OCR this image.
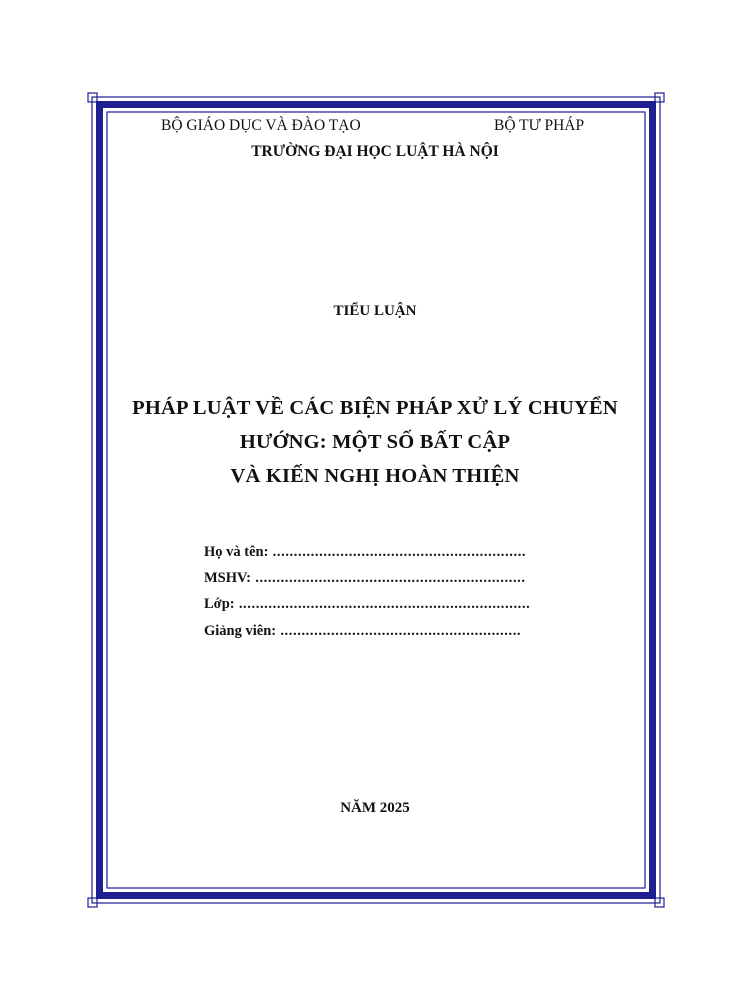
BỘ GIÁO DỤC VÀ ĐÀO TẠO	BỘ TƯ PHÁP
TRƯỜNG ĐẠI HỌC LUẬT HÀ NỘI
TIỂU LUẬN
PHÁP LUẬT VỀ CÁC BIỆN PHÁP XỬ LÝ CHUYỂN
HƯỚNG: MỘT SỐ BẤT CẬP
VÀ KIẾN NGHỊ HOÀN THIỆN
Họ và tên: ............................................................
MSHV: ................................................................
Lớp: .....................................................................
Giảng viên: .........................................................
NĂM 2025
